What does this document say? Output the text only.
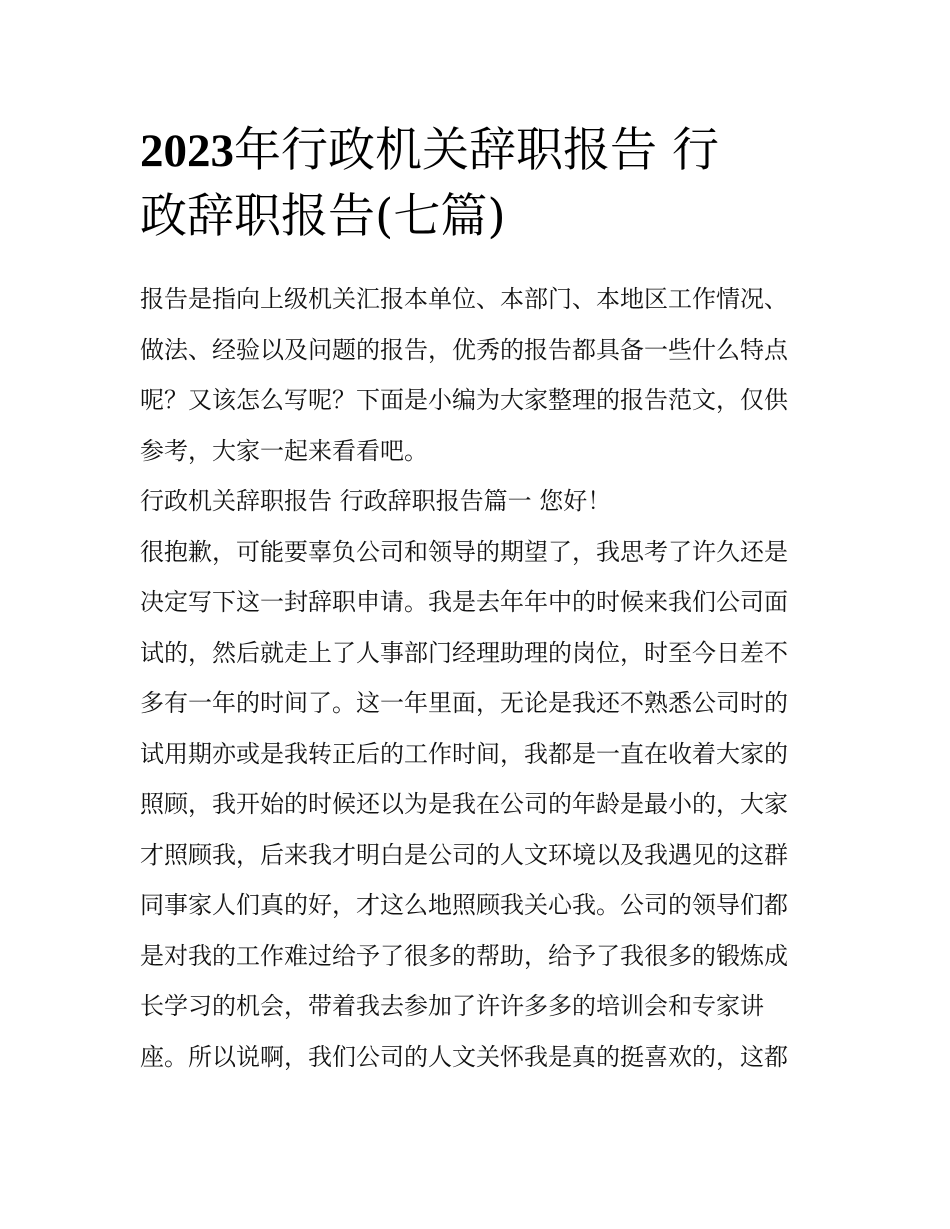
2023年行政机关辞职报告 行
政辞职报告(七篇)
报告是指向上级机关汇报本单位、本部门、本地区工作情况、
做法、经验以及问题的报告，优秀的报告都具备一些什么特点
呢？又该怎么写呢？下面是小编为大家整理的报告范文，仅供
参考，大家一起来看看吧。
行政机关辞职报告 行政辞职报告篇一 您好！
很抱歉，可能要辜负公司和领导的期望了，我思考了许久还是
决定写下这一封辞职申请。我是去年年中的时候来我们公司面
试的，然后就走上了人事部门经理助理的岗位，时至今日差不
多有一年的时间了。这一年里面，无论是我还不熟悉公司时的
试用期亦或是我转正后的工作时间，我都是一直在收着大家的
照顾，我开始的时候还以为是我在公司的年龄是最小的，大家
才照顾我，后来我才明白是公司的人文环境以及我遇见的这群
同事家人们真的好，才这么地照顾我关心我。公司的领导们都
是对我的工作难过给予了很多的帮助，给予了我很多的锻炼成
长学习的机会，带着我去参加了许许多多的培训会和专家讲
座。所以说啊，我们公司的人文关怀我是真的挺喜欢的，这都
